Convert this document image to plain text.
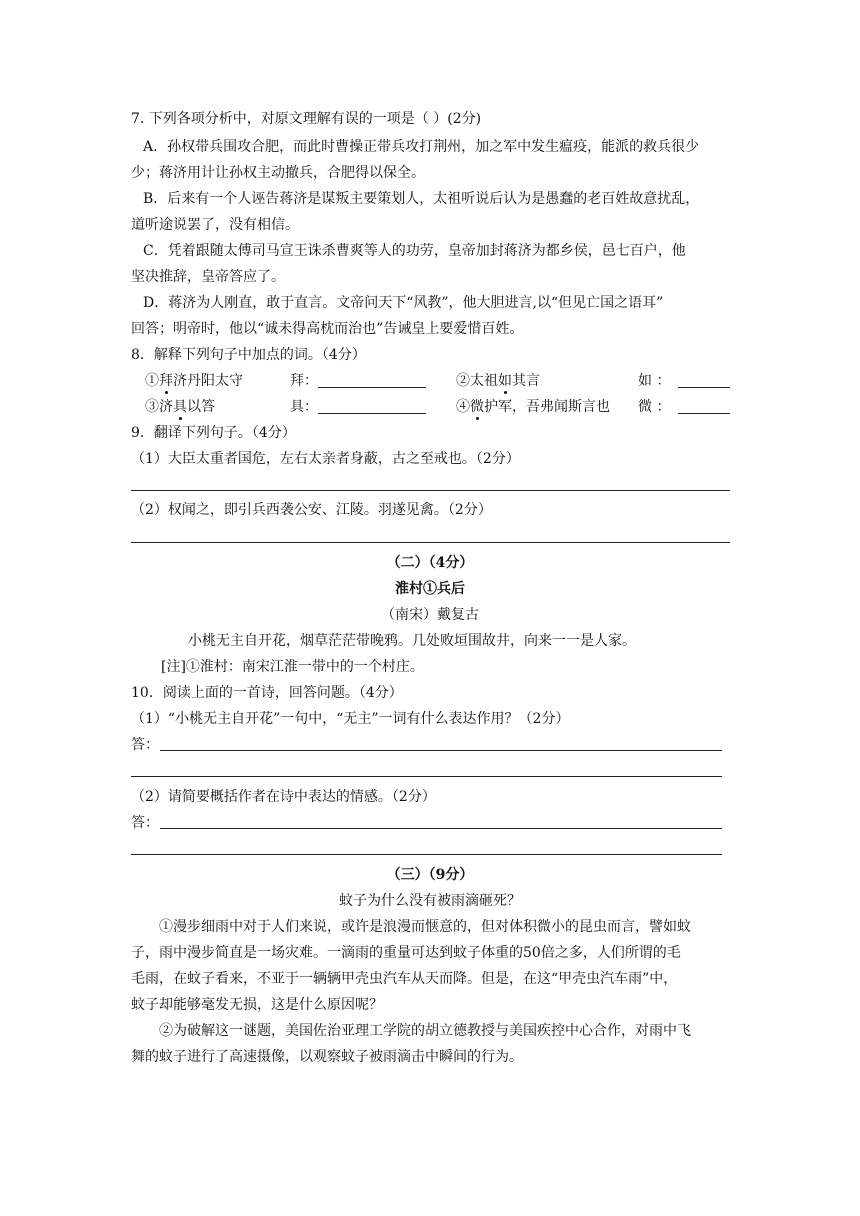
7. 下列各项分析中，对原文理解有误的一项是（ ）(2分)
A．孙权带兵围攻合肥，而此时曹操正带兵攻打荆州，加之军中发生瘟疫，能派的救兵很少
少；蒋济用计让孙权主动撤兵，合肥得以保全。
B．后来有一个人诬告蒋济是谋叛主要策划人，太祖听说后认为是愚蠢的老百姓故意扰乱，
道听途说罢了，没有相信。
C．凭着跟随太傅司马宣王诛杀曹爽等人的功劳，皇帝加封蒋济为都乡侯，邑七百户，他
坚决推辞，皇帝答应了。
D．蒋济为人刚直，敢于直言。文帝问天下“风教”，他大胆进言,以“但见亡国之语耳”
回答；明帝时，他以“诚未得高枕而治也”告诫皇上要爱惜百姓。
8．解释下列句子中加点的词。（4分）
①拜济丹阳太守	拜：	②太祖如其言	如 ：
③济具以答	具：	④微护军，吾弗闻斯言也 微 ：
9．翻译下列句子。（4分）
（1）大臣太重者国危，左右太亲者身蔽，古之至戒也。（2分）
（2）权闻之，即引兵西袭公安、江陵。羽遂见禽。（2分）
（二）（4分）
淮村①兵后
（南宋）戴复古
小桃无主自开花，烟草茫茫带晚鸦。几处败垣围故井，向来一一是人家。
[注]①淮村：南宋江淮一带中的一个村庄。
10．阅读上面的一首诗，回答问题。（4分）
（1）“小桃无主自开花”一句中，“无主”一词有什么表达作用？（2分）
答：
（2）请简要概括作者在诗中表达的情感。（2分）
答：
（三）（9分）
蚊子为什么没有被雨滴砸死？
①漫步细雨中对于人们来说，或许是浪漫而惬意的，但对体积微小的昆虫而言，譬如蚊
子，雨中漫步简直是一场灾难。一滴雨的重量可达到蚊子体重的50倍之多，人们所谓的毛
毛雨，在蚊子看来，不亚于一辆辆甲壳虫汽车从天而降。但是，在这“甲壳虫汽车雨”中，
蚊子却能够毫发无损，这是什么原因呢？
②为破解这一谜题，美国佐治亚理工学院的胡立德教授与美国疾控中心合作，对雨中飞
舞的蚊子进行了高速摄像，以观察蚊子被雨滴击中瞬间的行为。
